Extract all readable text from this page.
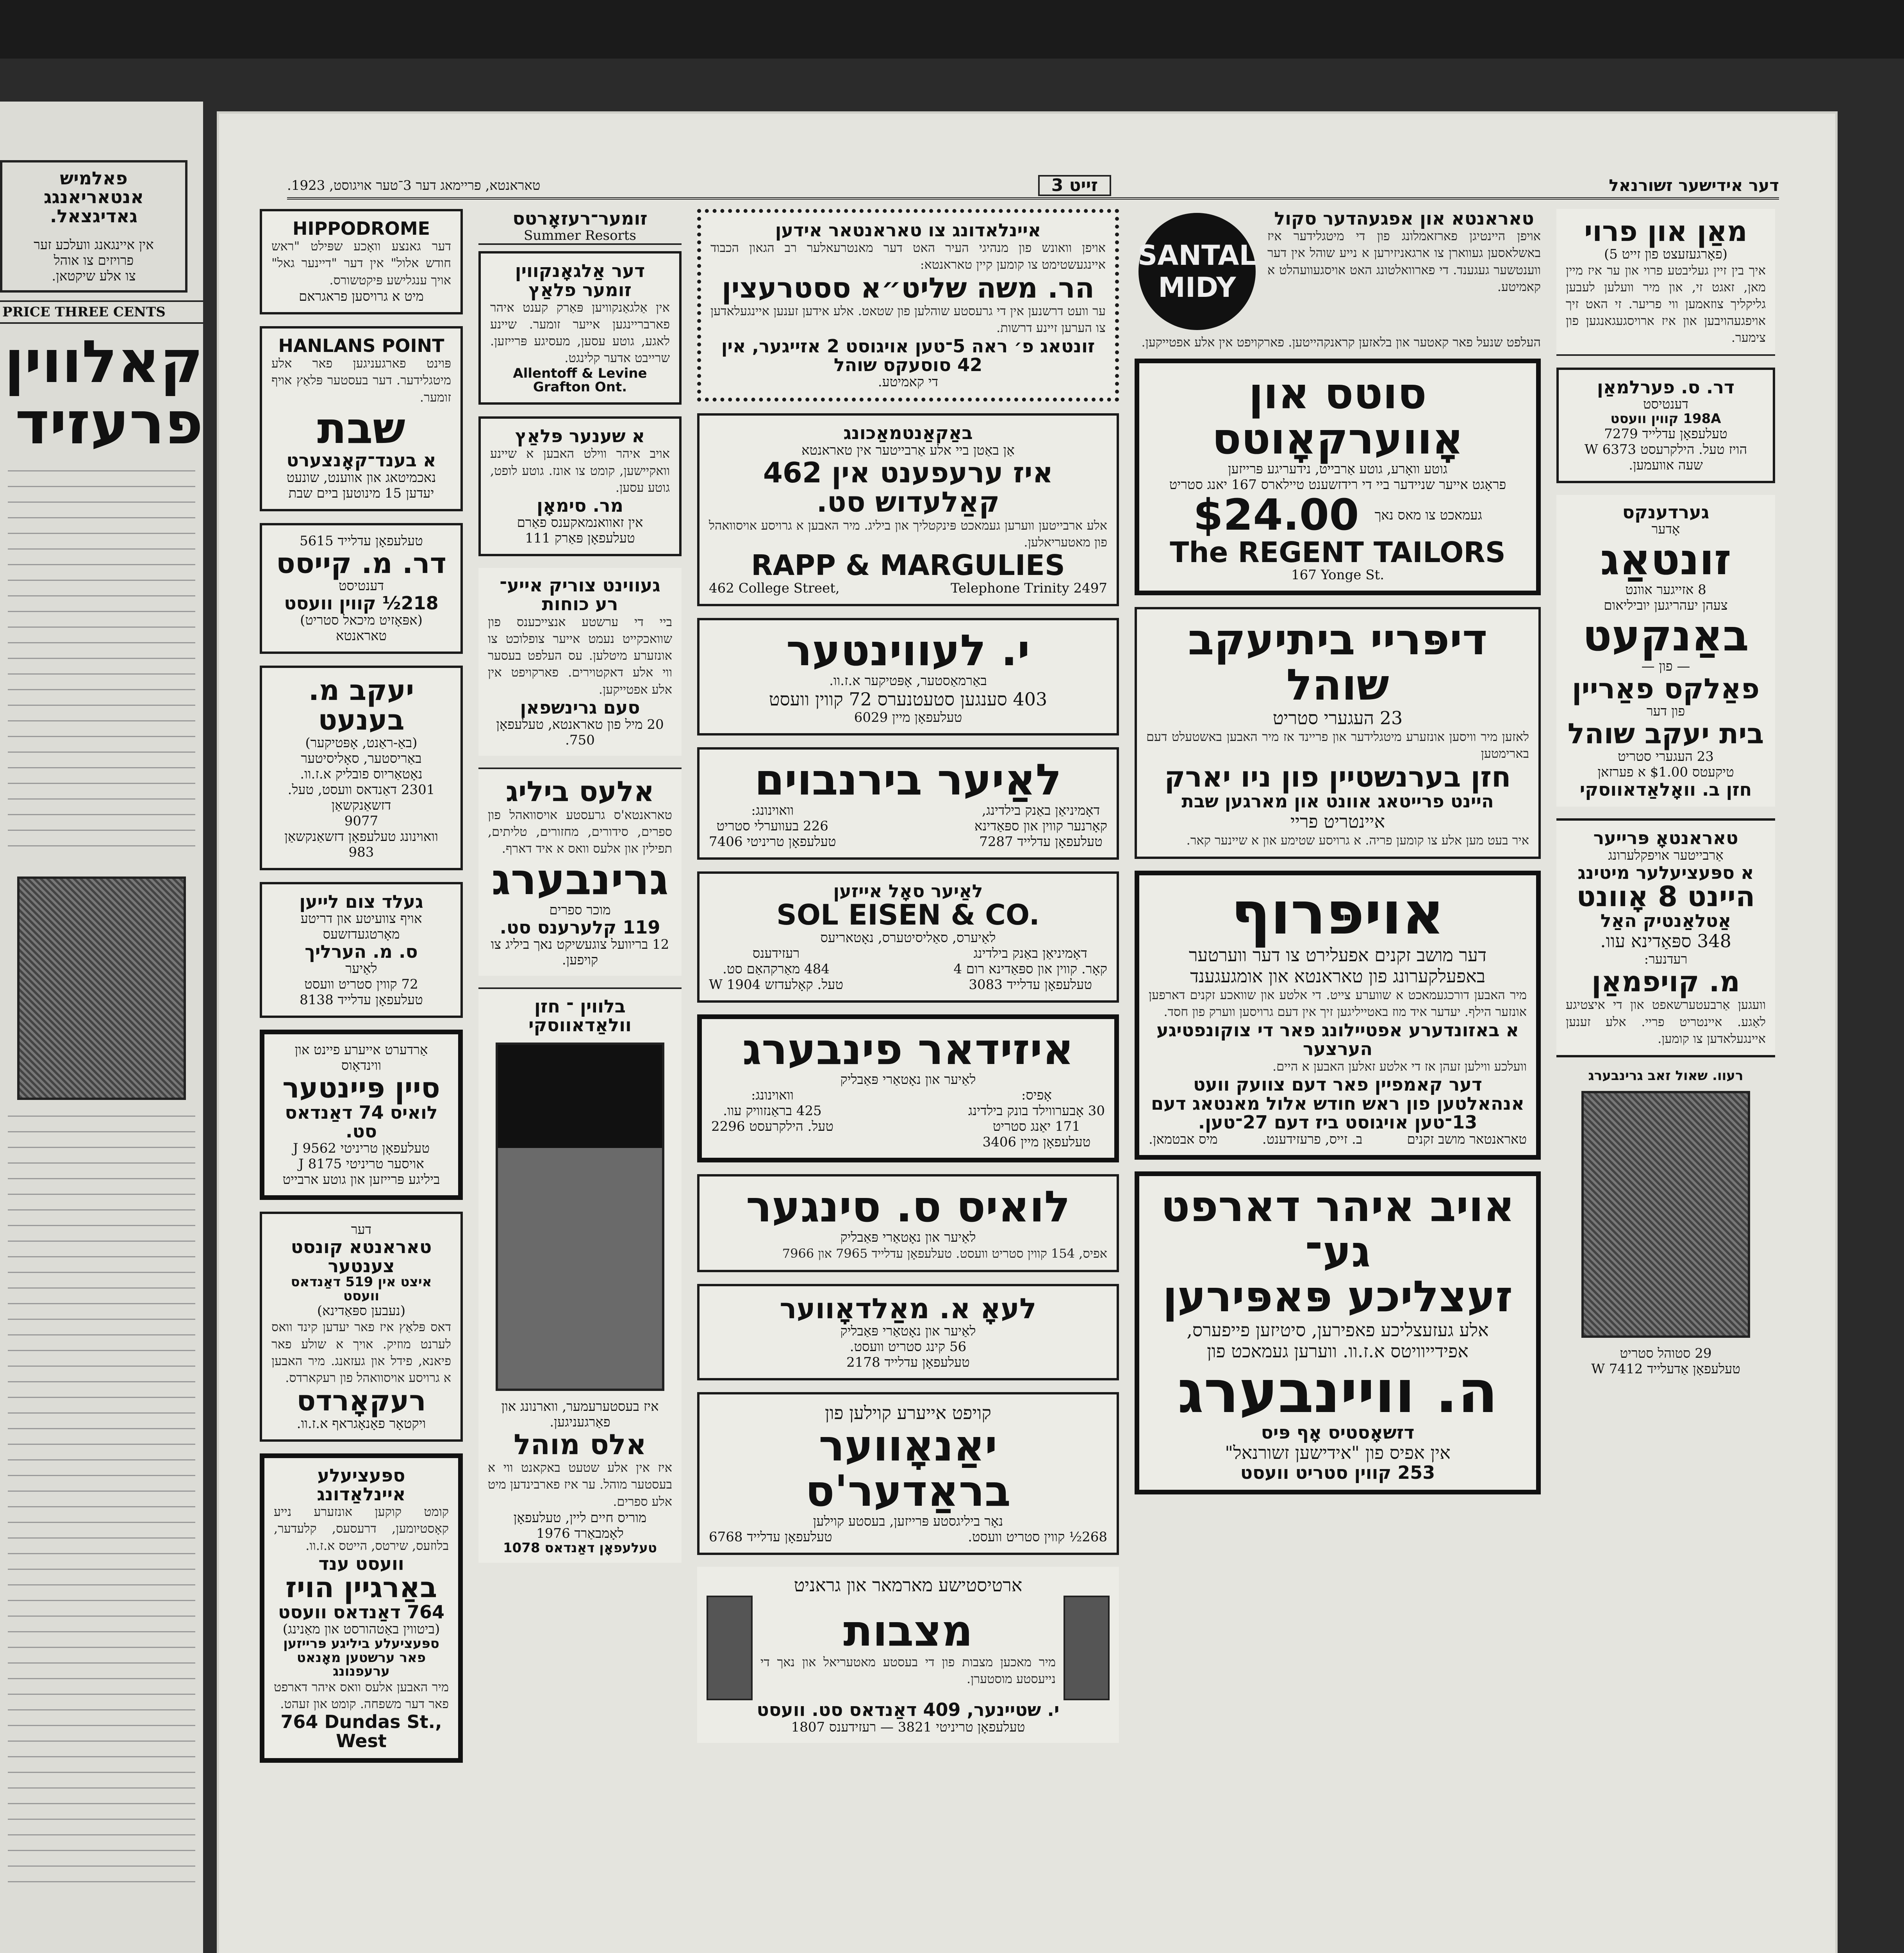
פאלמיש
אנטאריאנגג
גאדיגצאל.
אין איינגאנג וועלכע זער
פרויזים צו אוהל
צו אלע שיקטאן.
PRICE THREE CENTS
קאלווין
פרעזיד
דער אידישער זשורנאל
זייט 3
טאראנטא, פריימאג דער 3־טער אויגוסט, 1923.
מאַן און פרוי
(פאָרגעזעצט פון זייט 5)
איך בין זיין געליבטע פרוי און ער איז מיין מאן, זאגט זי, און מיר וועלען לעבען גליקליך צוזאמען ווי פריער. זי האט זיך אויפגעהויבען און איז ארויסגעגאנגען פון צימער.
דר. ס. פערלמאַן
דענטיסט
198A קווין וועסט
טעלעפאָן עדלייד 7279
הויז טעל. הילקרעסט 6373 W
שעה אוועמען.
גערדענקס
אָדער
זונטאַג
8 אזייגער אוונט
צעהן יעהריגען יוביליאום
באַנקעט
— פון —
פאַלקס פאַריין
פון דער
בית יעקב שוהל
23 העגערי סטריט
טיקעטס $1.00 א פערזאן
חזן ב. וואָלאַדאווסקי
טאראנטאָ פּרייער
אַרבייטער אויפקלערונג
א ספּעציעלער מיטינג
היינט 8 אָוונט
אַטלאַנטיק האַל
348 ספּאַדינא עוו.
רעדנער:
מ. קויפמאַן
וועגען אַרבעטערשאפט און די איצטיגע לאַגע. איינטריט פריי. אלע זענען איינגעלאדען צו קומען.
רעוו. שאול זאב גרינבערג
29 סטוהל סטריט
טעלעפאָן אַדעלייד 7412 W
טאראנטא און אפגעהדער סקול
אויפן היינטיגן פארזאמלונג פון די מיטגלידער איז באשלאסען געווארן צו ארגאניזירען א נייע שוהל אין דער ווענטשער געגענד. די פארוואלטונג האט אויסגעוועהלט א קאמיטע.
SANTAL
MIDY
העלפט שנעל פאר קאטער און בלאזען קראנקהייטען. פארקויפט אין אלע אפטייקען.
סוטס און אָווערקאָוטס
גוטע וואָרע, גוטע אַרבייט, נידעריגע פּרייזען
פראָגט אייער שניידער ביי די רידזשענט טיילארס 167 יאנג סטריט
געמאכט צו מאס נאך
$24.00
The REGENT TAILORS
167 Yonge St.
דיפּריי ביתיעקב שוהל
23 העגערי סטריט
לאזען מיר וויסען אונזערע מיטגלידער און פריינד אז מיר האבען באשטעלט דעם בארימטען
חזן בערנשטיין פון ניו יארק
היינט פרייטאג אוונט און מארגען שבת
איינטריט פריי
איר בעט מען אלע צו קומען פריה. א גרויסע שטימע און א שיינער קאר.
אויפּרוף
דער מושב זקנים אפעלירט צו דער ווערטער באפעלקערונג פון טאראנטא און אומגעגענד
מיר האבען דורכגעמאכט א שווערע צייט. די אלטע און שוואכע זקנים דארפען אונזער הילף. יעדער איד מוז באטייליגען זיך אין דעם גרויסען ווערק פון חסד.
א באזונדערע אפטיילונג פאר די צוקונפטיגע הערצער
וועלכע ווילען זעהן אז די אלטע זאלען האבען א היים.
דער קאמפיין פאר דעם צוועק וועט אנהאלטען פון ראש חודש אלול מאנטאג דעם 13־טען אויגוסט ביז דעם 27־טען.
טאראנטאר מושב זקנים
ב. זייס, פרעזידענט.
מיס אבטמאן.
אויב איהר דארפט גע־
זעצליכע פּאפּירען
אלע געזעצליכע פאפירען, סיטיזען פייפערס, אפידייוויטס א.ז.וו. ווערען געמאכט פון
ה. וויינבערג
דזשאָסטיס אָף פּיס
אין אפיס פון "אידישען זשורנאל"
253 קווין סטריט וועסט
איינלאדונג צו טאראנטאר אידען
אויפן וואונש פון מנהיגי העיר האט דער מאנטרעאלער רב הגאון הכבוד איינגעשטימט צו קומען קיין טאראנטא:
הר. משה שליט״א ססטרעצין
ער וועט דרשנען אין די גרעסטע שוהלען פון שטאט. אלע אידען זענען איינגעלאדען צו הערען זיינע דרשות.
זונטאג פ׳ ראה 5־טען אויגוסט 2 אזייגער, אין 42 סוסעקס שוהל
די קאמיטע.
באַקאַנטמאַכונג
אַן באַטן ביי אלע אַרבייטער אין טאראנטא
איז ערעפענט אין 462 קאַלעדוש סט.
אלע ארבייטען ווערען געמאכט פּינקטליך און ביליג. מיר האבען א גרויסע אויסוואהל פון מאטעריאלען.
RAPP & MARGULIES
462 College Street,	Telephone Trinity 2497
י. לעווינטער
באַרמאַסטער, אָפּטיקער א.ז.וו.
403 סענגען סטעטנערס 72 קווין וועסט
טעלעפאָן מיין 6029
לאַיער בירנבוים
דאָמיניאַן באַנק בילדינג,
קאָרנער קווין און ספּאַדינא
טעלעפאָן עדלייד 7287
וואוינונג:
226 בעווערלי סטריט
טעלעפאָן טריניטי 7406
לאַיער סאָל אייזען
SOL EISEN & CO.
לאַיערס, סאַליסיטערס, נאָטאריעס
דאָמיניאַן באַנק בילדינג
קאָר. קווין און ספּאַדינא רום 4
טעלעפאָן עדלייד 3083
רעזידענס
484 מאַרקהאַם סט.
טעל. קאָלעדזש 1904 W
איזידאר פינבערג
לאַיער און נאָטאַרי פּאַבליק
אָפיס:
30 אָבערווילד בונק בילדינג
171 יאַנג סטריט
טעלעפאָן מיין 3406
וואוינונג:
425 בראַנזוויק עוו.
טעל. הילקרעסט 2296
לואיס ס. סינגער
לאַיער און נאָטאַרי פּאַבליק
אפיס, 154 קווין סטריט וועסט. טעלעפאָן עדלייד 7965 און 7966
לעאָ א. מאַלדאָווער
לאַיער און נאָטאַרי פּאַבליק
56 קינג סטריט וועסט.
טעלעפאָן עדלייד 2178
קויפט אייערע קוילען פון
יאַנאָווער בראַדער'ס
נאָר ביליגסטע פּרייזען, בעסטע קוילען
268½ קווין סטריט וועסט.
טעלעפאָן עדלייד 6768
ארטיסטישע מארמאר און גראניט
מצבות
מיר מאכען מצבות פון די בעסטע מאטעריאל און נאך די נייעסטע מוסטערן.
י. שטיינער, 409 דאַנדאס סט. וועסט
טעלעפאָן טריניטי 3821 — רעזידענס 1807
זומער־רעזאָרטס
Summer Resorts
דער אַלגאָנקווין זומער פלאַץ
אין אַלגאַנקוויען פּאַרק קענט איהר פארבריינגען אייער זומער. שיינע לאגע, גוטע עסען, מעסיגע פּרייזען. שרייבט אדער קלינגט.
Allentoff & Levine Grafton Ont.
א שענער פּלאַץ
אויב איהר ווילט האבען א שיינע וואקיישען, קומט צו אונז. גוטע לופט, גוטע עסען.
מר. סימאָן
אין זאוואנמאקענס פאַרם
טעלעפאָן פּאַרק 111
געווינט צוריק אייע־
רע כוחות
ביי די ערשטע אנצייכענס פון שוואכקייט נעמט אייער צופלוכט צו אונזערע מיטלען. עס העלפט בעסער ווי אלע דאקטוירים. פארקויפט אין אלע אפטייקען.
סעם גרינשפאן
20 מיל פון טאראנטא, טעלעפאָן 750.
אלעס ביליג
טאראנטא'ס גרעסטע אויסוואהל פון ספרים, סידורים, מחזורים, טליתים, תפילין און אלעס וואס א איד דארף.
גרינבערג
מוכר ספרים
119 קלערענס סט.
12 בריוועל צוגעשיקט נאך ביליג צו קויפען.
בלווין ־ חזן וולאַדאווסקי
איז בעסטערעמער, ווארנונג און פאַרגעניגען.
אלס מוהל
איז אין אלע שטעט באקאנט ווי א בעסטער מוהל. ער איז פארבינדען מיט אלע ספרים.
מוריס חיים ליין, טעלעפאָן לאָמבאַרד 1976
טעלעפאָן דאַנדאס 1078
HIPPODROME
דער גאנצע וואָכע שפּילט "ראש חודש אלול" אין דער "דיינער גאל" אויך ענגלישע פּיקטשורס.
מיט א גרויסען פראגראם
HANLANS POINT
פּוינט פארגעניגען פאר אלע מיטגלידער. דער בעסטער פּלאַץ אויף זומער.
שבת
א בענד־קאָנצערט
נאכמיטאג און אווענט, שונעט יעדען 15 מינוטען ביים שבת
טעלעפאָן עדלייד 5615
דר. מ. קייסס
דענטיסט
218½ קווין וועסט
(אפּאָזיט מיכאל סטריט)
טאראנטא
יעקב מ. בענעט
(באַ-ראַנט, אָפּטיקער)
באַריסטער, סאָליסיטער
נאָטאַריוס פובליק א.ז.וו.
2301 דאַנדאס וועסט, טעל. דזשאַנקשאַן
9077
וואוינונג טעלעפאָן דזשאַנקשאַן 983
געלד צום לייען
אויף צוועיטע און דריטע
מאָרטגעדזשעס
ס. מ. הערליך
לאַיער
72 קווין סטריט וועסט
טעלעפאָן עדלייד 8138
אַרדערט אייערע פיינט און
ווינדאָוס
סיין פּיינטער
לואיס 74 דאַנדאס סט.
טעלעפאָן טריניטי 9562 J
אויסער טריניטי 8175 J
ביליגע פּרייזען און גוטע ארבייט
דער
טאראנטא קונסט צענטער
איצט אין 519 דאַנדאס וועסט
(נעבען ספּאַדינא)
דאס פּלאַץ איז פאר יעדען קינד וואס לערנט מוזיק. אויך א שולע פאר פיאנא, פידל און געזאנג. מיר האבען א גרויסע אויסוואהל פון רעקארדס.
רעקאָרדס
ויקטאָר פאָנאָגראף א.ז.וו.
ספּעציעלע איינלאַדונג
קומט קוקען אונזערע נייע קאָסטיומען, דרעסעס, קלעדער, בלוזעס, שירטס, הייטס א.ז.וו.
וועסט ענד
באַרגיין הויז
764 דאַנדאס וועסט
(ביטווין באַטהורסט און מאַנינג)
ספּעציעלע ביליגע פּרייזען פאר ערשטען מאָנאט
ערעפנונג
מיר האבען אלעס וואס איהר דארפט פאר דער משפחה. קומט און זעהט.
764 Dundas St., West
